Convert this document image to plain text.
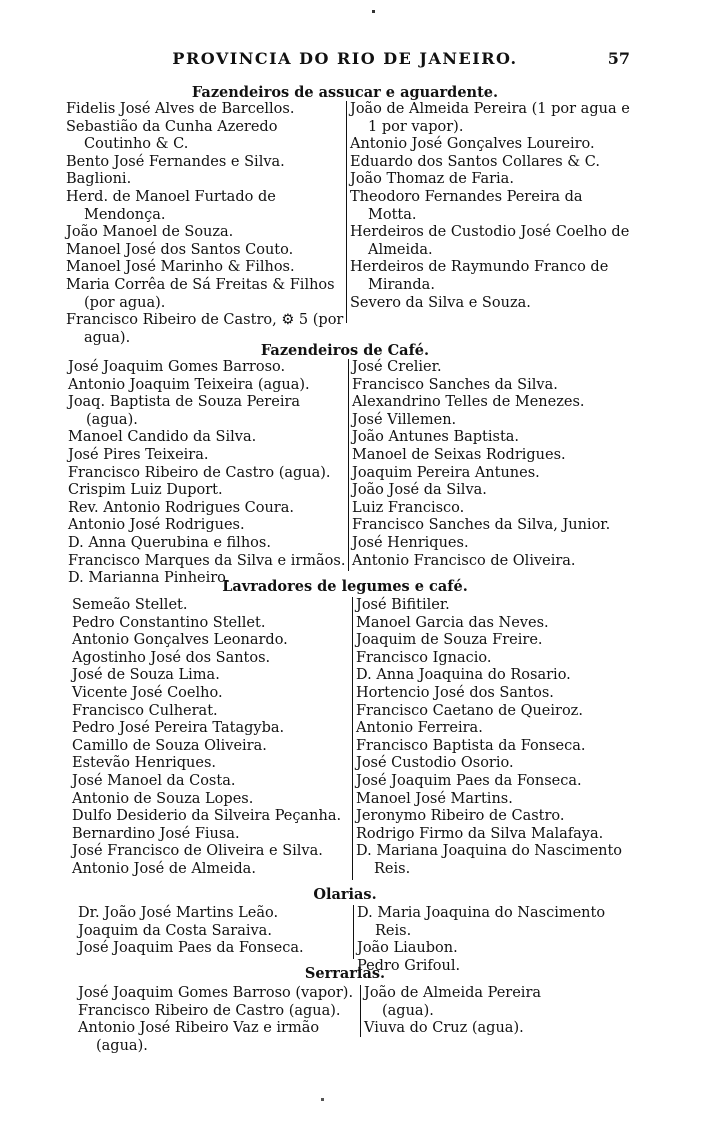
PROVINCIA DO RIO DE JANEIRO.	57
Fazendeiros de assucar e aguardente.
Fidelis José Alves de Barcellos.
Sebastião da Cunha Azeredo Coutinho & C.
Bento José Fernandes e Silva.
Baglioni.
Herd. de Manoel Furtado de Mendonça.
João Manoel de Souza.
Manoel José dos Santos Couto.
Manoel José Marinho & Filhos.
Maria Corrêa de Sá Freitas & Filhos (por agua).
Francisco Ribeiro de Castro, ⚙ 5 (por agua).
João de Almeida Pereira (1 por agua e 1 por vapor).
Antonio José Gonçalves Loureiro.
Eduardo dos Santos Collares & C.
João Thomaz de Faria.
Theodoro Fernandes Pereira da Motta.
Herdeiros de Custodio José Coelho de Almeida.
Herdeiros de Raymundo Franco de Miranda.
Severo da Silva e Souza.
Fazendeiros de Café.
José Joaquim Gomes Barroso.
Antonio Joaquim Teixeira (agua).
Joaq. Baptista de Souza Pereira (agua).
Manoel Candido da Silva.
José Pires Teixeira.
Francisco Ribeiro de Castro (agua).
Crispim Luiz Duport.
Rev. Antonio Rodrigues Coura.
Antonio José Rodrigues.
D. Anna Querubina e filhos.
Francisco Marques da Silva e irmãos.
D. Marianna Pinheiro.
José Crelier.
Francisco Sanches da Silva.
Alexandrino Telles de Menezes.
José Villemen.
João Antunes Baptista.
Manoel de Seixas Rodrigues.
Joaquim Pereira Antunes.
João José da Silva.
Luiz Francisco.
Francisco Sanches da Silva, Junior.
José Henriques.
Antonio Francisco de Oliveira.
Lavradores de legumes e café.
Semeão Stellet.
Pedro Constantino Stellet.
Antonio Gonçalves Leonardo.
Agostinho José dos Santos.
José de Souza Lima.
Vicente José Coelho.
Francisco Culherat.
Pedro José Pereira Tatagyba.
Camillo de Souza Oliveira.
Estevão Henriques.
José Manoel da Costa.
Antonio de Souza Lopes.
Dulfo Desiderio da Silveira Peçanha.
Bernardino José Fiusa.
José Francisco de Oliveira e Silva.
Antonio José de Almeida.
José Bifitiler.
Manoel Garcia das Neves.
Joaquim de Souza Freire.
Francisco Ignacio.
D. Anna Joaquina do Rosario.
Hortencio José dos Santos.
Francisco Caetano de Queiroz.
Antonio Ferreira.
Francisco Baptista da Fonseca.
José Custodio Osorio.
José Joaquim Paes da Fonseca.
Manoel José Martins.
Jeronymo Ribeiro de Castro.
Rodrigo Firmo da Silva Malafaya.
D. Mariana Joaquina do Nascimento Reis.
Olarias.
Dr. João José Martins Leão.
Joaquim da Costa Saraiva.
José Joaquim Paes da Fonseca.
D. Maria Joaquina do Nascimento Reis.
João Liaubon.
Pedro Grifoul.
Serrarias.
José Joaquim Gomes Barroso (vapor).
Francisco Ribeiro de Castro (agua).
Antonio José Ribeiro Vaz e irmão (agua).
João de Almeida Pereira (agua).
Viuva do Cruz (agua).
